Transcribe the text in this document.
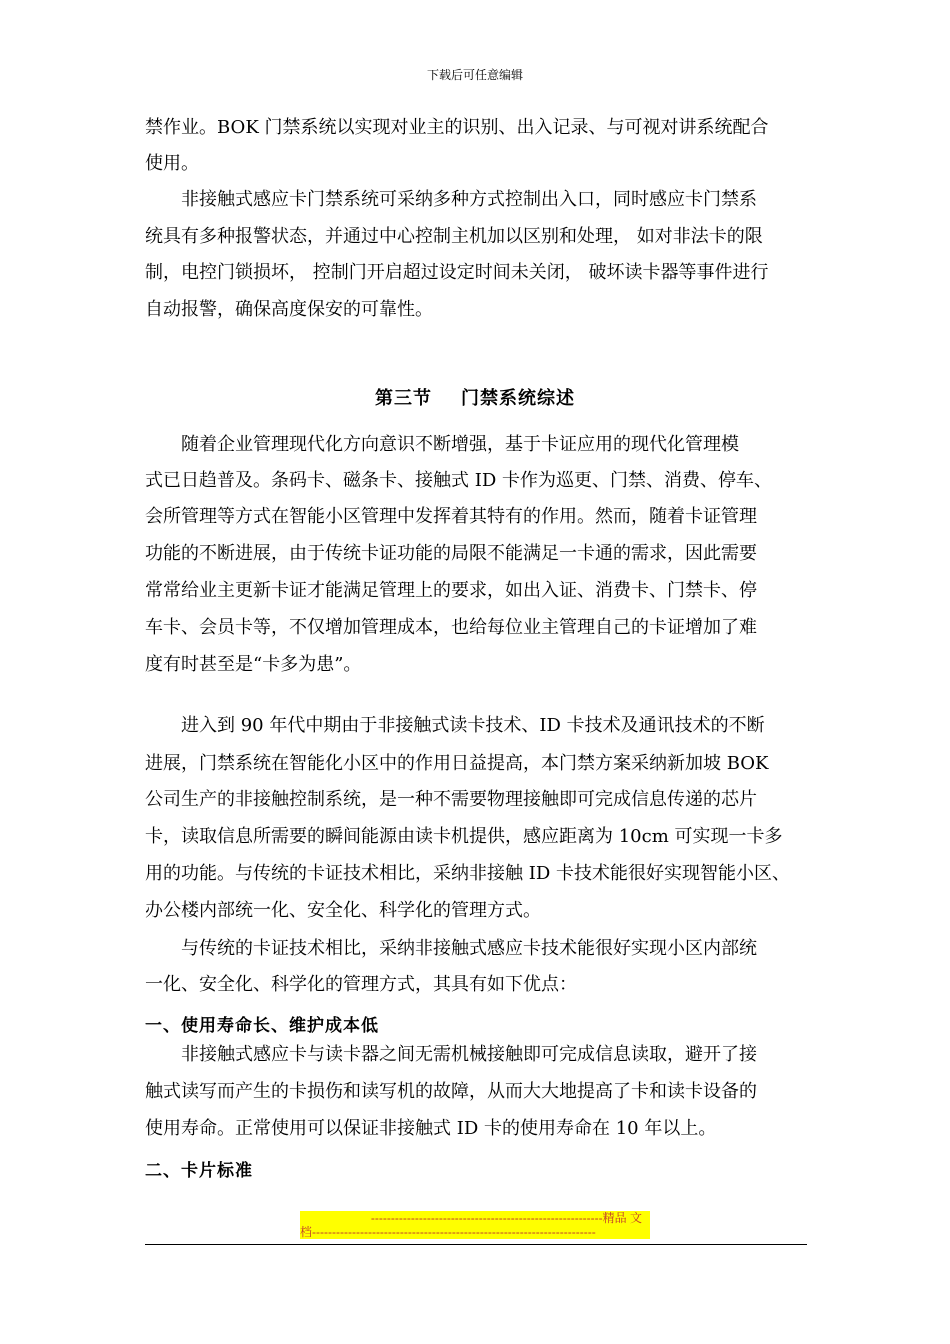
下载后可任意编辑
禁作业。BOK 门禁系统以实现对业主的识别、出入记录、与可视对讲系统配合
使用。
　　非接触式感应卡门禁系统可采纳多种方式控制出入口，同时感应卡门禁系
统具有多种报警状态，并通过中心控制主机加以区别和处理， 如对非法卡的限
制，电控门锁损坏， 控制门开启超过设定时间未关闭， 破坏读卡器等事件进行
自动报警，确保高度保安的可靠性。
第三节    门禁系统综述
　　随着企业管理现代化方向意识不断增强，基于卡证应用的现代化管理模
式已日趋普及。条码卡、磁条卡、接触式 ID 卡作为巡更、门禁、消费、停车、
会所管理等方式在智能小区管理中发挥着其特有的作用。然而，随着卡证管理
功能的不断进展，由于传统卡证功能的局限不能满足一卡通的需求，因此需要
常常给业主更新卡证才能满足管理上的要求，如出入证、消费卡、门禁卡、停
车卡、会员卡等，不仅增加管理成本，也给每位业主管理自己的卡证增加了难
度有时甚至是“卡多为患”。
　　进入到 90 年代中期由于非接触式读卡技术、ID 卡技术及通讯技术的不断
进展，门禁系统在智能化小区中的作用日益提高，本门禁方案采纳新加坡 BOK
公司生产的非接触控制系统，是一种不需要物理接触即可完成信息传递的芯片
卡，读取信息所需要的瞬间能源由读卡机提供，感应距离为 10cm 可实现一卡多
用的功能。与传统的卡证技术相比，采纳非接触 ID 卡技术能很好实现智能小区、
办公楼内部统一化、安全化、科学化的管理方式。
　　与传统的卡证技术相比，采纳非接触式感应卡技术能很好实现小区内部统
一化、安全化、科学化的管理方式，其具有如下优点：
一、使用寿命长、维护成本低
　　非接触式感应卡与读卡器之间无需机械接触即可完成信息读取，避开了接
触式读写而产生的卡损伤和读写机的故障，从而大大地提高了卡和读卡设备的
使用寿命。正常使用可以保证非接触式 ID 卡的使用寿命在 10 年以上。
二、卡片标准
----------------------------------------------------------精品 文
档-----------------------------------------------------------------------
